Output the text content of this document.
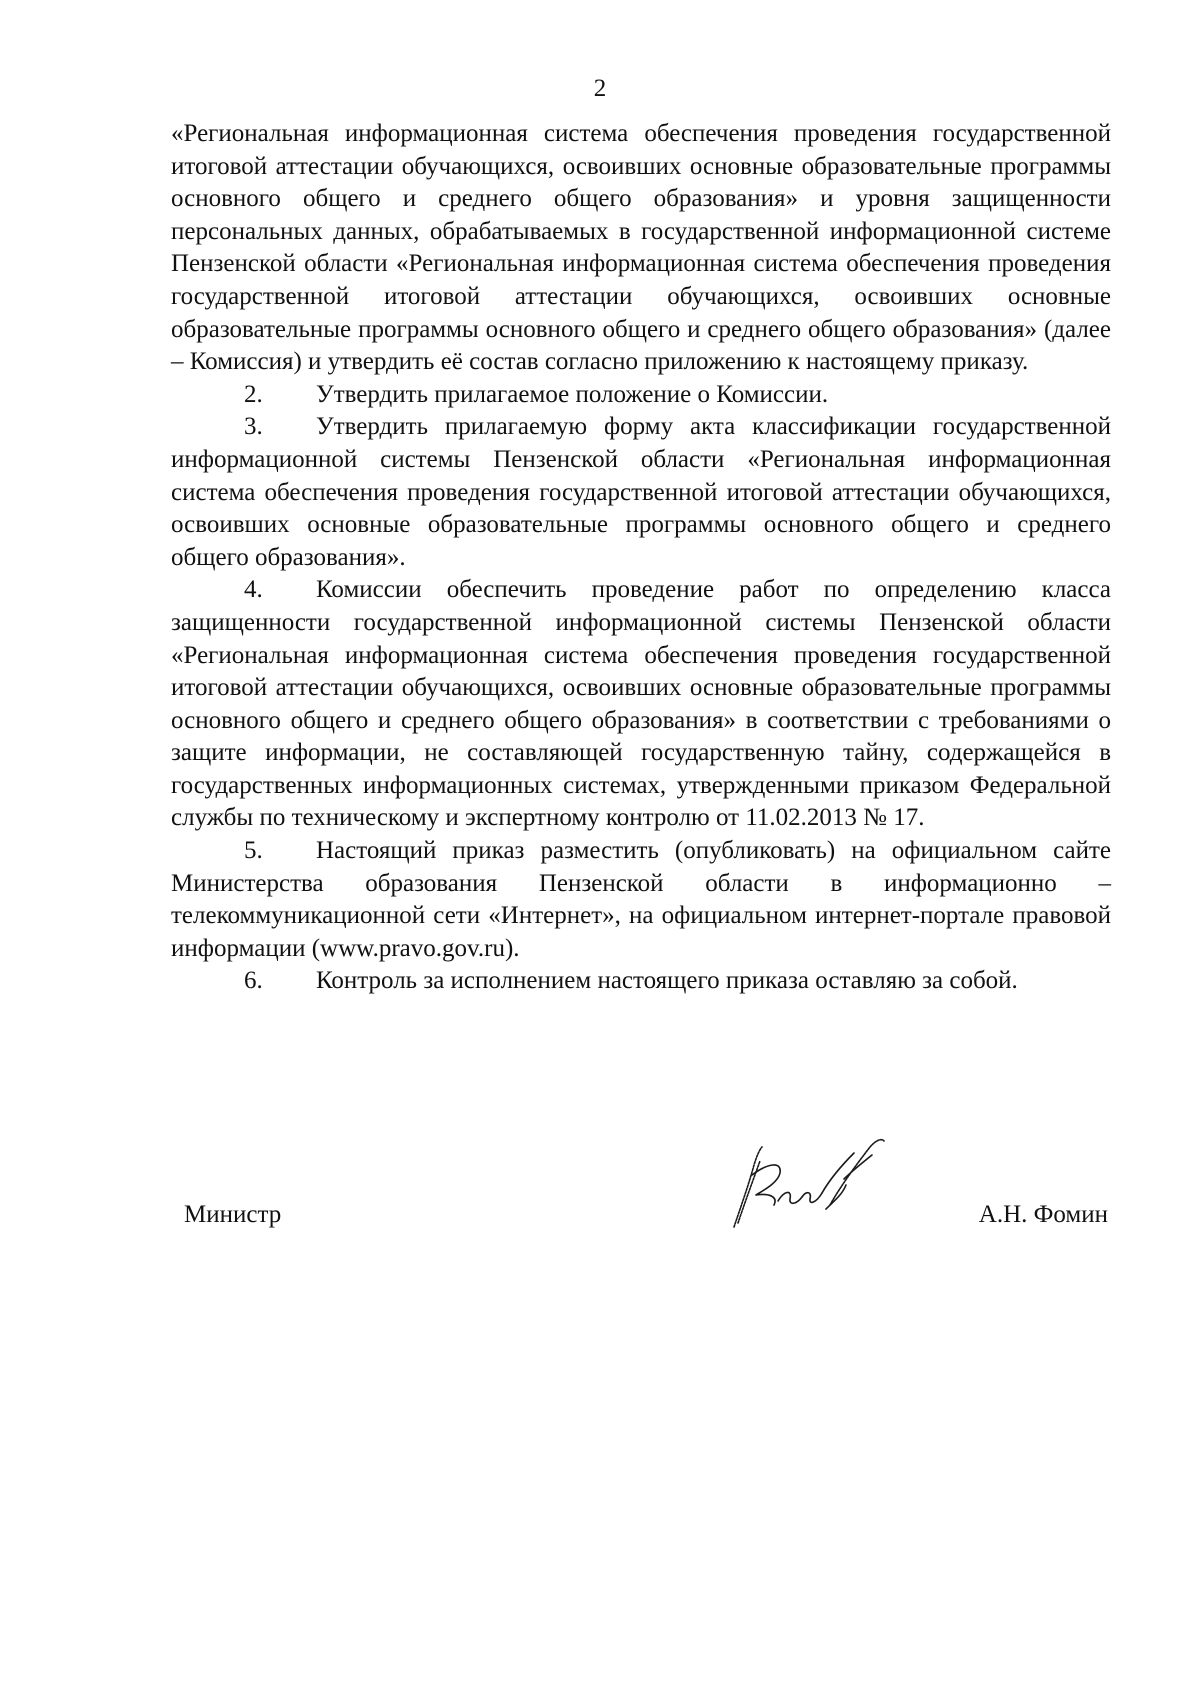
2

«Региональная информационная система обеспечения проведения государственной итоговой аттестации обучающихся, освоивших основные образовательные программы основного общего и среднего общего образования» и уровня защищенности персональных данных, обрабатываемых в государственной информационной системе Пензенской области «Региональная информационная система обеспечения проведения государственной итоговой аттестации обучающихся, освоивших основные образовательные программы основного общего и среднего общего образования» (далее – Комиссия) и утвердить её состав согласно приложению к настоящему приказу.

2. Утвердить прилагаемое положение о Комиссии.

3. Утвердить прилагаемую форму акта классификации государственной информационной системы Пензенской области «Региональная информационная система обеспечения проведения государственной итоговой аттестации обучающихся, освоивших основные образовательные программы основного общего и среднего общего образования».

4. Комиссии обеспечить проведение работ по определению класса защищенности государственной информационной системы Пензенской области «Региональная информационная система обеспечения проведения государственной итоговой аттестации обучающихся, освоивших основные образовательные программы основного общего и среднего общего образования» в соответствии с требованиями о защите информации, не составляющей государственную тайну, содержащейся в государственных информационных системах, утвержденными приказом Федеральной службы по техническому и экспертному контролю от 11.02.2013 № 17.

5. Настоящий приказ разместить (опубликовать) на официальном сайте Министерства образования Пензенской области в информационно – телекоммуникационной сети «Интернет», на официальном интернет-портале правовой информации (www.pravo.gov.ru).

6. Контроль за исполнением настоящего приказа оставляю за собой.

Министр	А.Н. Фомин
